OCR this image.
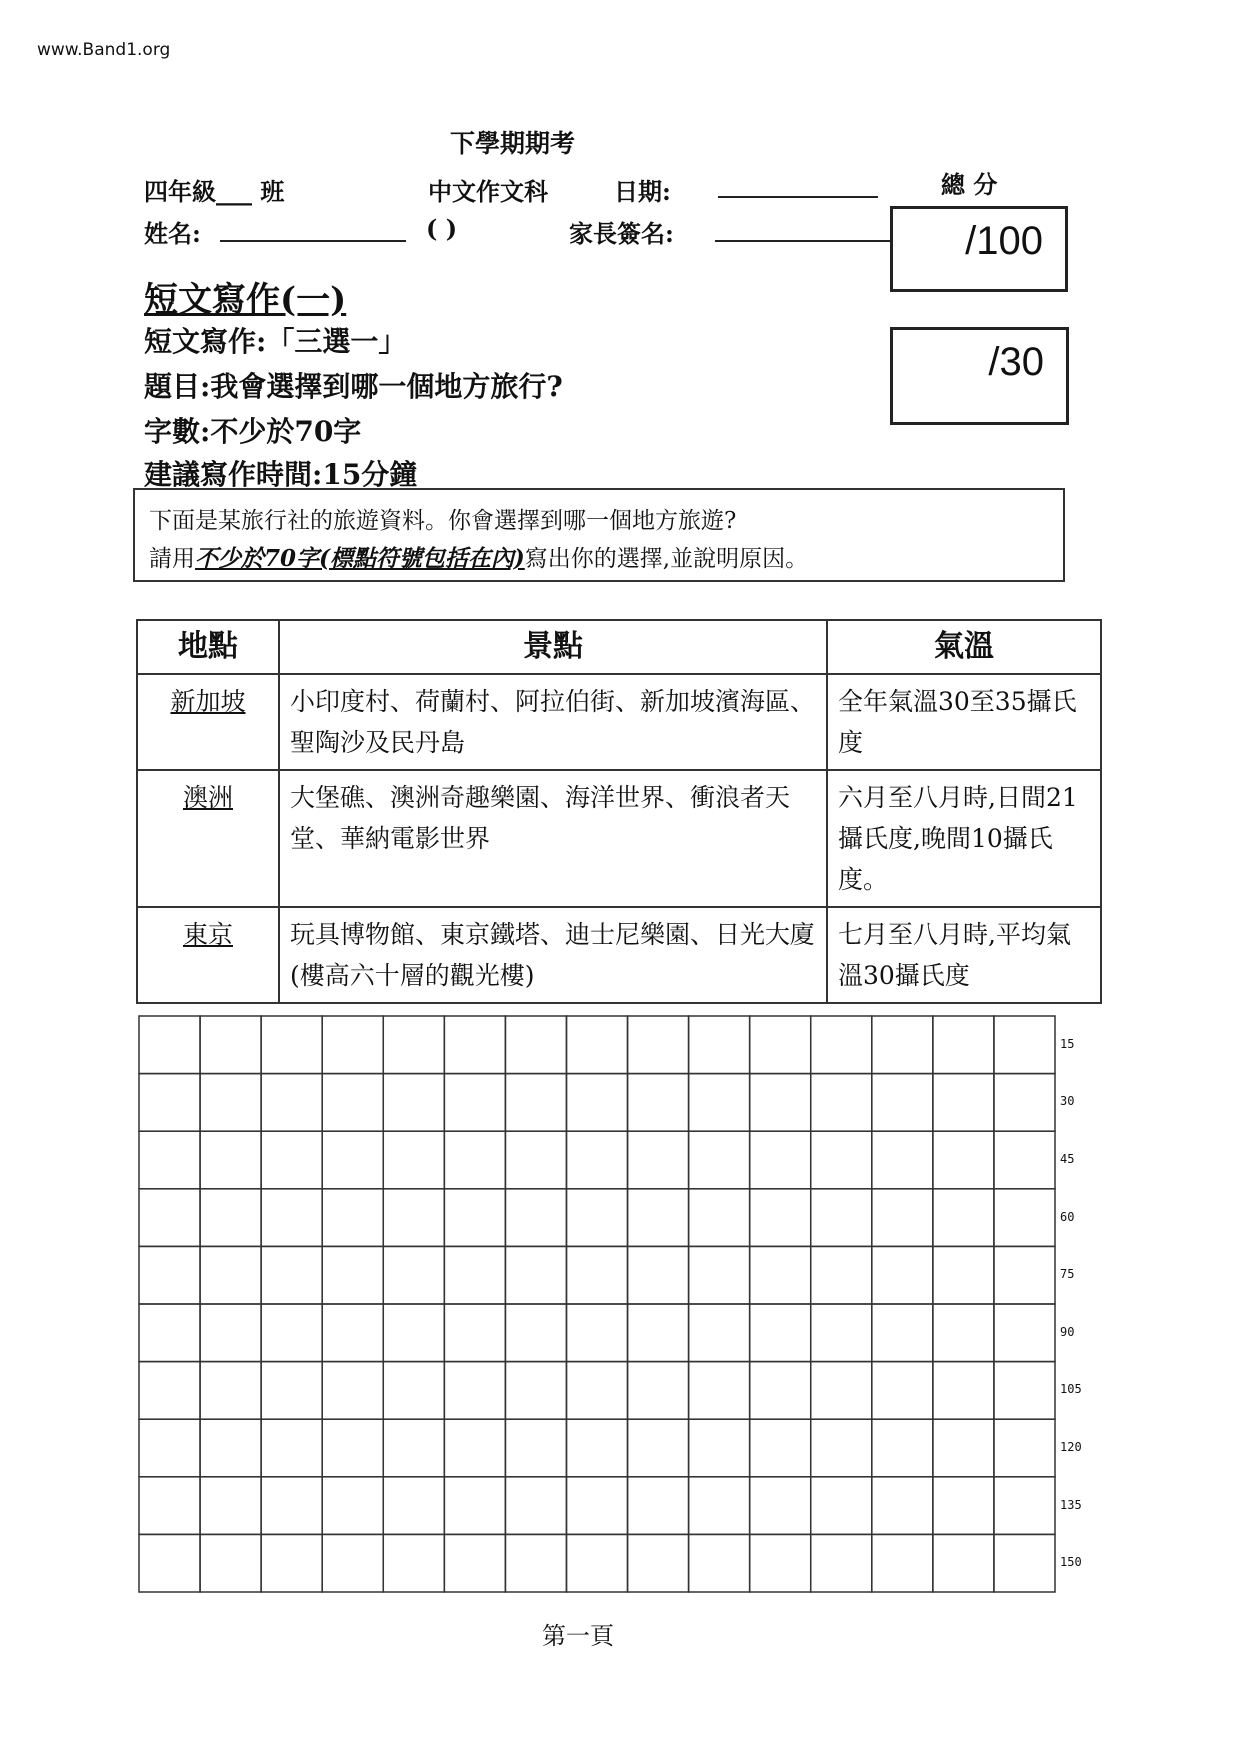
www.Band1.org
下學期期考
四年級___ 班	中文作文科	日期:	總 分
姓名:	( )	家長簽名:	/100
/30
短文寫作(一)
短文寫作:「三選一」
題目:我會選擇到哪一個地方旅行?
字數:不少於70字
建議寫作時間:15分鐘
下面是某旅行社的旅遊資料。你會選擇到哪一個地方旅遊?
請用不少於70字(標點符號包括在內)寫出你的選擇,並說明原因。
地點	景點	氣溫
新加坡	小印度村、荷蘭村、阿拉伯街、新加坡濱海區、聖陶沙及民丹島	全年氣溫30至35攝氏度
澳洲	大堡礁、澳洲奇趣樂園、海洋世界、衝浪者天堂、華納電影世界	六月至八月時,日間21攝氏度,晚間10攝氏度。
東京	玩具博物館、東京鐵塔、迪士尼樂園、日光大廈(樓高六十層的觀光樓)	七月至八月時,平均氣溫30攝氏度
15
30
45
60
75
90
105
120
135
150
第一頁
